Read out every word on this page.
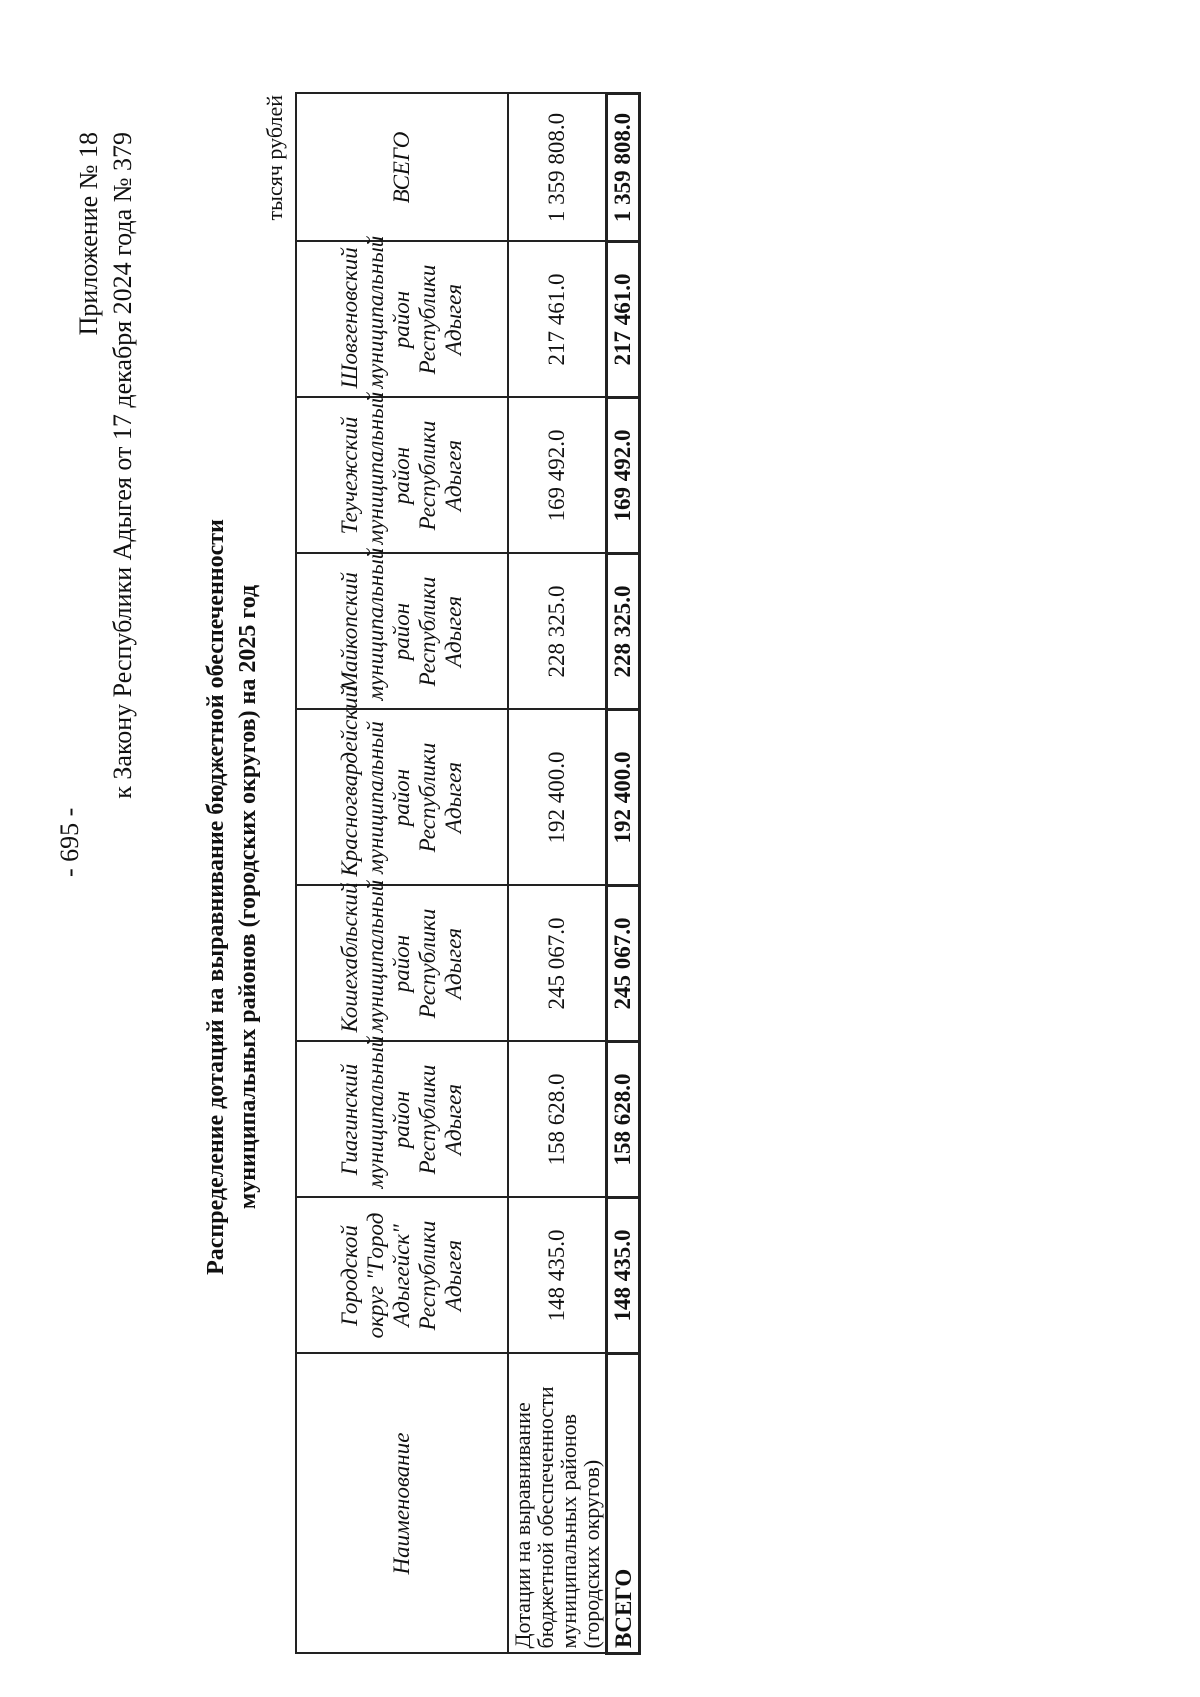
- 695 -
Приложение № 18 к Закону Республики Адыгея от 17 декабря 2024 года № 379
Распределение дотаций на выравнивание бюджетной обеспеченности муниципальных районов (городских округов) на 2025 год
тысяч рублей
Наименование	Городской округ "Город Адыгейск" Республики Адыгея	Гиагинский муниципальный район Республики Адыгея	Кошехабльский муниципальный район Республики Адыгея	Красногвардейский муниципальный район Республики Адыгея	Майкопский муниципальный район Республики Адыгея	Теучежский муниципальный район Республики Адыгея	Шовгеновский муниципальный район Республики Адыгея	ВСЕГО
Дотации на выравнивание бюджетной обеспеченности муниципальных районов (городских округов)	148 435.0	158 628.0	245 067.0	192 400.0	228 325.0	169 492.0	217 461.0	1 359 808.0
ВСЕГО	148 435.0	158 628.0	245 067.0	192 400.0	228 325.0	169 492.0	217 461.0	1 359 808.0
